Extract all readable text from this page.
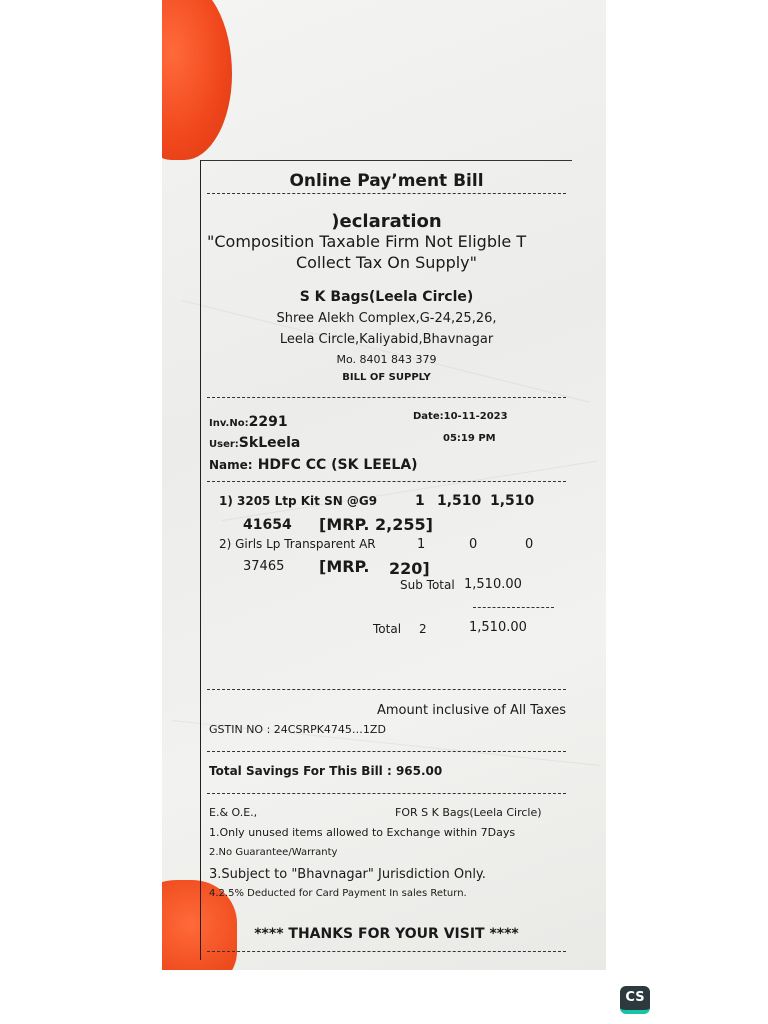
Online Pay’ment Bill
)eclaration
"Composition Taxable Firm Not Eligble T
Collect Tax On Supply"
S K Bags(Leela Circle)
Shree Alekh Complex,G-24,25,26,
Leela Circle,Kaliyabid,Bhavnagar
Mo. 8401 843 379
BILL OF SUPPLY
Inv.No:2291	Date:10-11-2023
User:SkLeela	05:19 PM
Name: HDFC CC (SK LEELA)
1) 3205 Ltp Kit SN @G9	1 1,510 1,510
41654 [MRP. 2,255]
2) Girls Lp Transparent AR	1	0	0
37465 [MRP. 220]
Sub Total 1,510.00
Total 2	1,510.00
Amount inclusive of All Taxes
GSTIN NO : 24CSRPK4745…1ZD
Total Savings For This Bill : 965.00
E.& O.E.,	FOR S K Bags(Leela Circle)
1.Only unused items allowed to Exchange within 7Days
2.No Guarantee/Warranty
3.Subject to "Bhavnagar" Jurisdiction Only.
4.2.5% Deducted for Card Payment In sales Return.
**** THANKS FOR YOUR VISIT ****
CS
